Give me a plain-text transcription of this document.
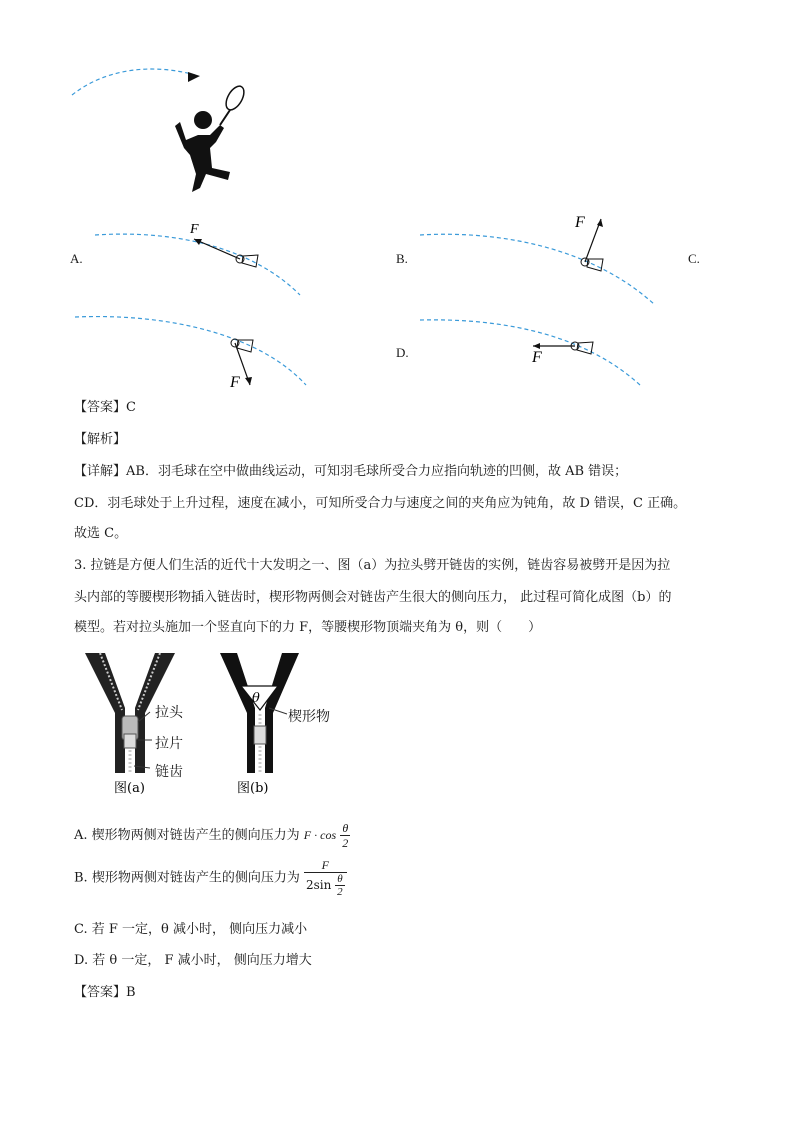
A.
F
B.
F
C.
F
D.	F
【答案】C
【解析】
【详解】AB．羽毛球在空中做曲线运动，可知羽毛球所受合力应指向轨迹的凹侧，故 AB 错误；
CD．羽毛球处于上升过程，速度在减小，可知所受合力与速度之间的夹角应为钝角，故 D 错误，C 正确。
故选 C。
3. 拉链是方便人们生活的近代十大发明之一、图（a）为拉头劈开链齿的实例，链齿容易被劈开是因为拉
头内部的等腰楔形物插入链齿时，楔形物两侧会对链齿产生很大的侧向压力， 此过程可简化成图（b）的
模型。若对拉头施加一个竖直向下的力 F，等腰楔形物顶端夹角为 θ，则（　　）
图(a)
拉头
拉片
链齿
θ
图(b)
楔形物
A. 楔形物两侧对链齿产生的侧向压力为 $F \cdot \cos \frac{\theta}{2}$
B. 楔形物两侧对链齿产生的侧向压力为 $\frac{F}{2\sin \frac{\theta}{2}}$
C. 若 F 一定，θ 减小时， 侧向压力减小
D. 若 θ 一定， F 减小时， 侧向压力增大
【答案】B
